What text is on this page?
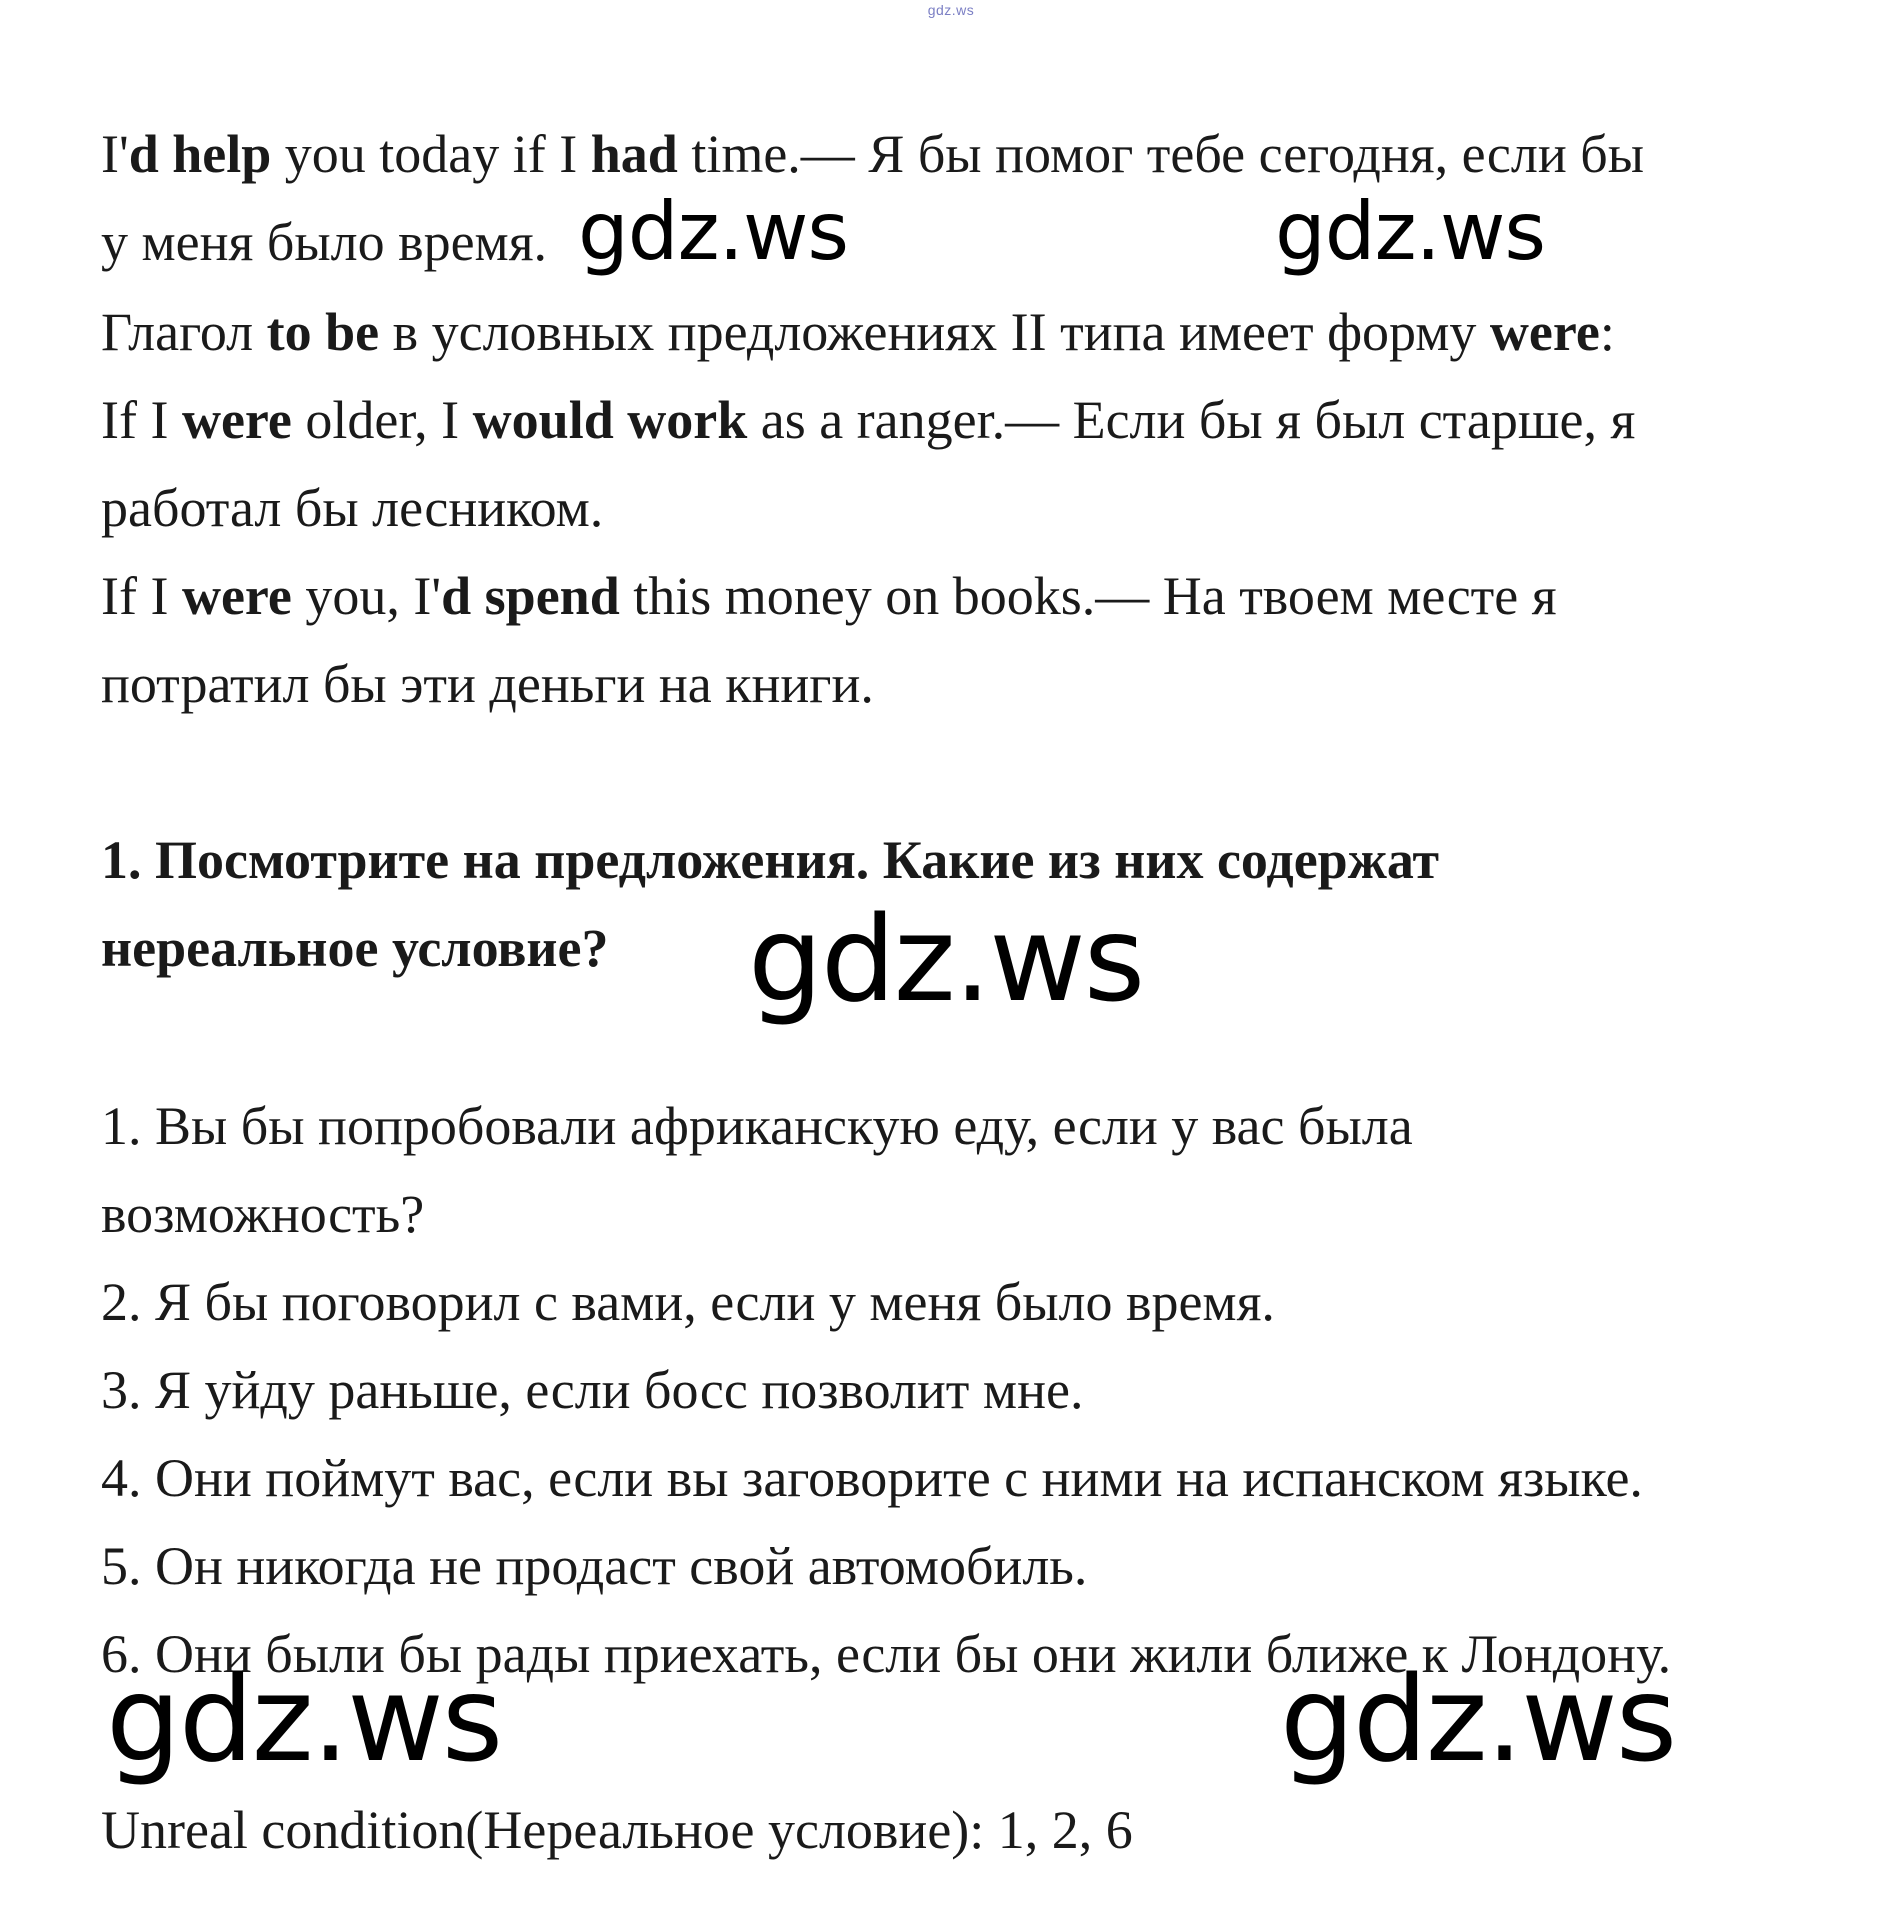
gdz.ws
I'd help you today if I had time.— Я бы помог тебе сегодня, если бы
у меня было время.
Глагол to be в условных предложениях II типа имеет форму were:
If I were older, I would work as a ranger.— Если бы я был старше, я
работал бы лесником.
If I were you, I'd spend this money on books.— На твоем месте я
потратил бы эти деньги на книги.
1. Посмотрите на предложения. Какие из них содержат
нереальное условие?
1. Вы бы попробовали африканскую еду, если у вас была
возможность?
2. Я бы поговорил с вами, если у меня было время.
3. Я уйду раньше, если босс позволит мне.
4. Они поймут вас, если вы заговорите с ними на испанском языке.
5. Он никогда не продаст свой автомобиль.
6. Они были бы рады приехать, если бы они жили ближе к Лондону.
Unreal condition(Нереальное условие): 1, 2, 6
gdz.ws	gdz.ws
gdz.ws
gdz.ws	gdz.ws
